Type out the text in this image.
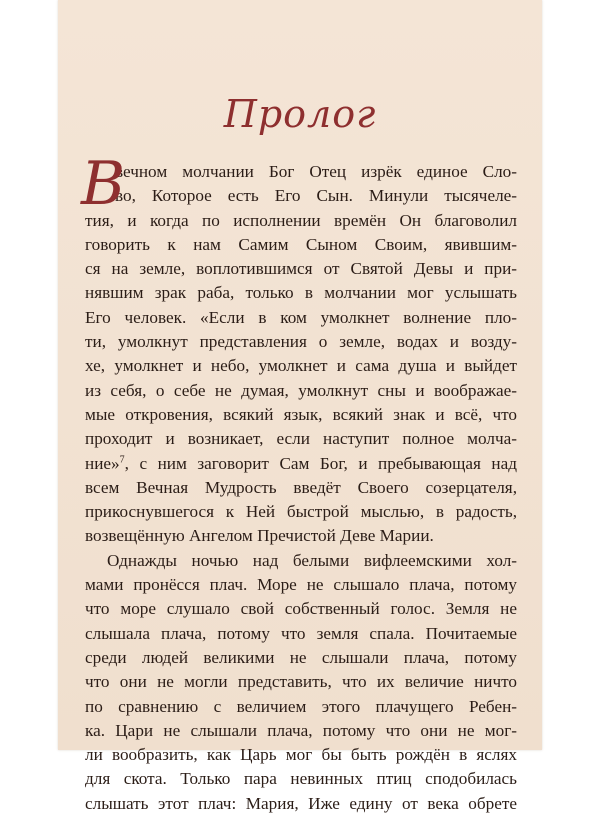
Пролог
В
вечном молчании Бог Отец изрёк единое Сло-
во, Которое есть Его Сын. Минули тысячеле-
тия, и когда по исполнении времён Он благоволил
говорить к нам Самим Сыном Своим, явившим-
ся на земле, воплотившимся от Святой Девы и при-
нявшим зрак раба, только в молчании мог услышать
Его человек. «Если в ком умолкнет волнение пло-
ти, умолкнут представления о земле, водах и возду-
хе, умолкнет и небо, умолкнет и сама душа и выйдет
из себя, о себе не думая, умолкнут сны и воображае-
мые откровения, всякий язык, всякий знак и всё, что
проходит и возникает, если наступит полное молча-
ние»$^7$, с ним заговорит Сам Бог, и пребывающая над
всем Вечная Мудрость введёт Своего созерцателя,
прикоснувшегося к Ней быстрой мыслью, в радость,
возвещённую Ангелом Пречистой Деве Марии.
Однажды ночью над белыми вифлеемскими хол-
мами пронёсся плач. Море не слышало плача, потому
что море слушало свой собственный голос. Земля не
слышала плача, потому что земля спала. Почитаемые
среди людей великими не слышали плача, потому
что они не могли представить, что их величие ничто
по сравнению с величием этого плачущего Ребен-
ка. Цари не слышали плача, потому что они не мог-
ли вообразить, как Царь мог бы быть рождён в яслях
для скота. Только пара невинных птиц сподобилась
слышать этот плач: Мария, Иже едину от века обрете
